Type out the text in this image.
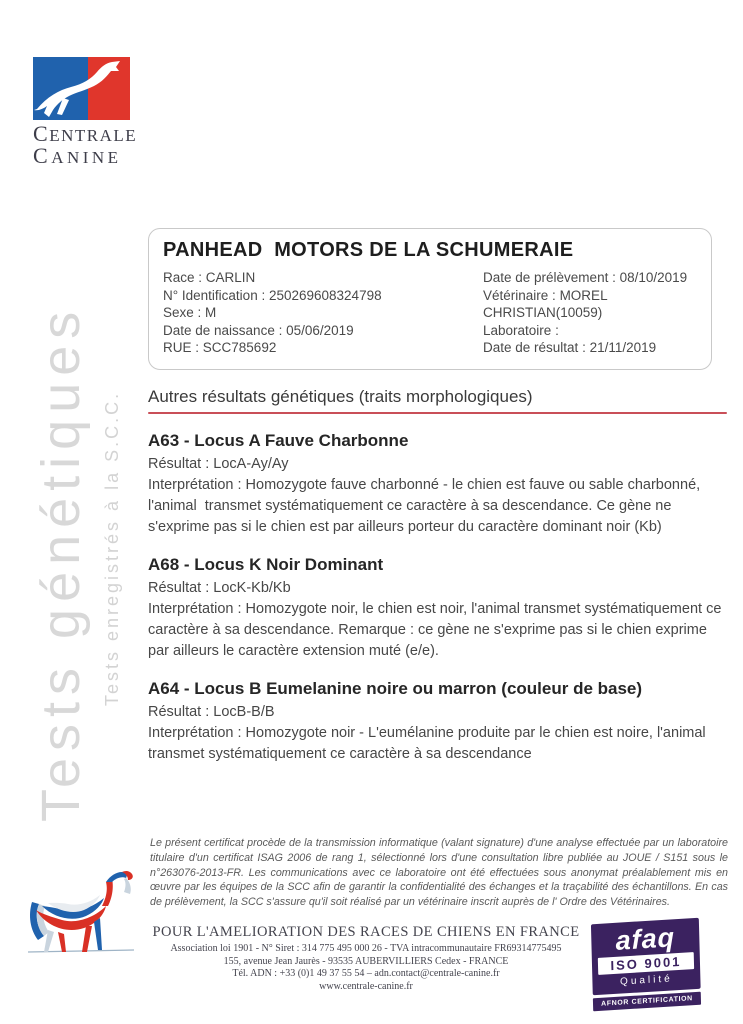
CENTRALE
CANINE
Tests génétiques Tests enregistrés à la S.C.C.
PANHEAD  MOTORS DE LA SCHUMERAIE
Race : CARLIN
N° Identification : 250269608324798
Sexe : M
Date de naissance : 05/06/2019
RUE : SCC785692
Date de prélèvement : 08/10/2019
Vétérinaire : MOREL CHRISTIAN(10059)
Laboratoire :
Date de résultat : 21/11/2019
Autres résultats génétiques (traits morphologiques)
A63 - Locus A Fauve Charbonne
Résultat : LocA-Ay/Ay
Interprétation : Homozygote fauve charbonné - le chien est fauve ou sable charbonné, l'animal  transmet systématiquement ce caractère à sa descendance. Ce gène ne s'exprime pas si le chien est par ailleurs porteur du caractère dominant noir (Kb)
A68 - Locus K Noir Dominant
Résultat : LocK-Kb/Kb
Interprétation : Homozygote noir, le chien est noir, l'animal transmet systématiquement ce caractère à sa descendance. Remarque : ce gène ne s'exprime pas si le chien exprime par ailleurs le caractère extension muté (e/e).
A64 - Locus B Eumelanine noire ou marron (couleur de base)
Résultat : LocB-B/B
Interprétation : Homozygote noir - L'eumélanine produite par le chien est noire, l'animal transmet systématiquement ce caractère à sa descendance
Le présent certificat procède de la transmission informatique (valant signature) d'une analyse effectuée par un laboratoire titulaire d'un certificat ISAG 2006 de rang 1, sélectionné lors d'une consultation libre publiée au JOUE / S151 sous le n°263076-2013-FR. Les communications avec ce laboratoire ont été effectuées sous anonymat préalablement mis en œuvre par les équipes de la SCC afin de garantir la confidentialité des échanges et la traçabilité des échantillons. En cas de prélèvement, la SCC s'assure qu'il soit réalisé par un vétérinaire inscrit auprès de l' Ordre des Vétérinaires.
POUR L'AMELIORATION DES RACES DE CHIENS EN FRANCE
Association loi 1901 - N° Siret : 314 775 495 000 26 - TVA intracommunautaire FR69314775495
155, avenue Jean Jaurès - 93535 AUBERVILLIERS Cedex - FRANCE
Tél. ADN : +33 (0)1 49 37 55 54 – adn.contact@centrale-canine.fr
www.centrale-canine.fr
afaq
ISO 9001
Qualité
AFNOR CERTIFICATION
